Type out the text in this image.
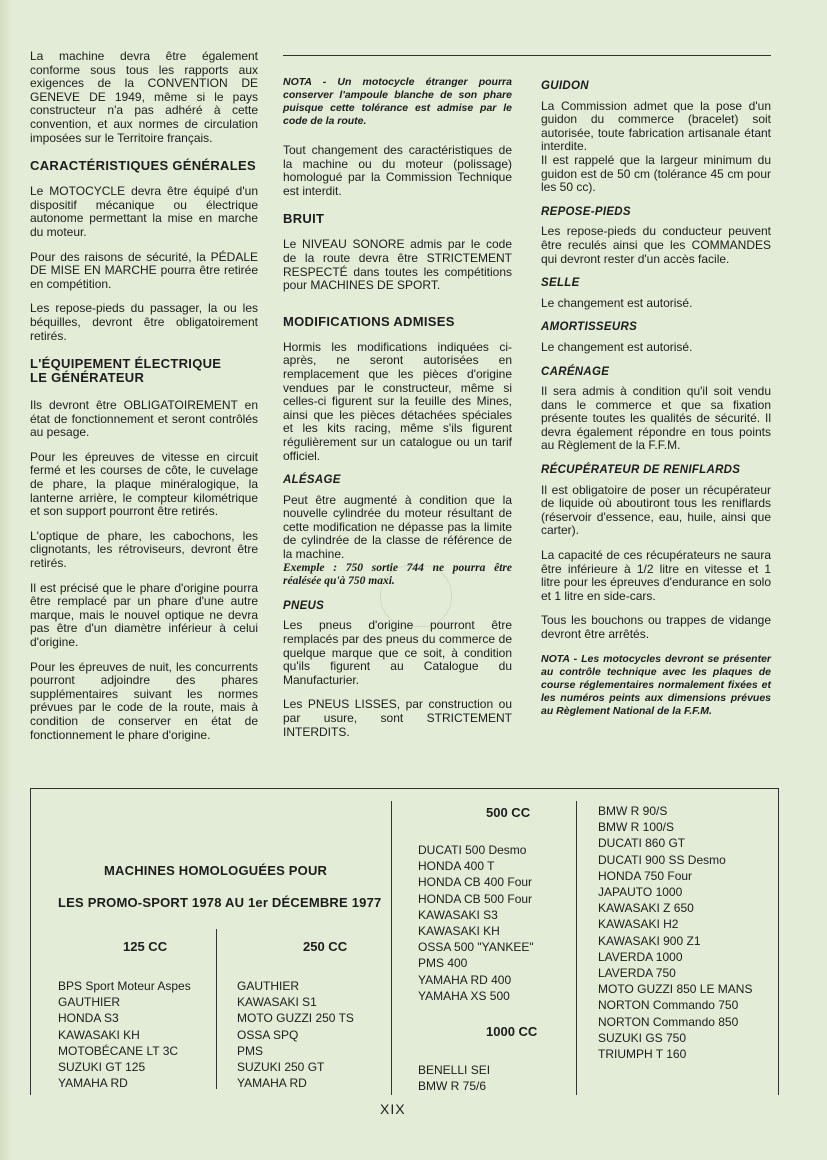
La machine devra être également conforme sous tous les rapports aux exigences de la CONVENTION DE GENEVE DE 1949, même si le pays constructeur n'a pas adhéré à cette convention, et aux normes de circulation imposées sur le Territoire français.

CARACTÉRISTIQUES GÉNÉRALES

Le MOTOCYCLE devra être équipé d'un dispositif mécanique ou électrique autonome permettant la mise en marche du moteur.

Pour des raisons de sécurité, la PÉDALE DE MISE EN MARCHE pourra être retirée en compétition.

Les repose-pieds du passager, la ou les béquilles, devront être obligatoirement retirés.

L'ÉQUIPEMENT ÉLECTRIQUE
LE GÉNÉRATEUR

Ils devront être OBLIGATOIREMENT en état de fonctionnement et seront contrôlés au pesage.

Pour les épreuves de vitesse en circuit fermé et les courses de côte, le cuvelage de phare, la plaque minéralogique, la lanterne arrière, le compteur kilométrique et son support pourront être retirés.

L'optique de phare, les cabochons, les clignotants, les rétroviseurs, devront être retirés.

Il est précisé que le phare d'origine pourra être remplacé par un phare d'une autre marque, mais le nouvel optique ne devra pas être d'un diamètre inférieur à celui d'origine.

Pour les épreuves de nuit, les concurrents pourront adjoindre des phares supplémentaires suivant les normes prévues par le code de la route, mais à condition de conserver en état de fonctionnement le phare d'origine.

NOTA - Un motocycle étranger pourra conserver l'ampoule blanche de son phare puisque cette tolérance est admise par le code de la route.

Tout changement des caractéristiques de la machine ou du moteur (polissage) homologué par la Commission Technique est interdit.

BRUIT

Le NIVEAU SONORE admis par le code de la route devra être STRICTEMENT RESPECTÉ dans toutes les compétitions pour MACHINES DE SPORT.

MODIFICATIONS ADMISES

Hormis les modifications indiquées ci-après, ne seront autorisées en remplacement que les pièces d'origine vendues par le constructeur, même si celles-ci figurent sur la feuille des Mines, ainsi que les pièces détachées spéciales et les kits racing, même s'ils figurent régulièrement sur un catalogue ou un tarif officiel.

ALÉSAGE

Peut être augmenté à condition que la nouvelle cylindrée du moteur résultant de cette modification ne dépasse pas la limite de cylindrée de la classe de référence de la machine.

Exemple : 750 sortie 744 ne pourra être réalésée qu'à 750 maxi.

PNEUS

Les pneus d'origine pourront être remplacés par des pneus du commerce de quelque marque que ce soit, à condition qu'ils figurent au Catalogue du Manufacturier.

Les PNEUS LISSES, par construction ou par usure, sont STRICTEMENT INTERDITS.

GUIDON

La Commission admet que la pose d'un guidon du commerce (bracelet) soit autorisée, toute fabrication artisanale étant interdite.

Il est rappelé que la largeur minimum du guidon est de 50 cm (tolérance 45 cm pour les 50 cc).

REPOSE-PIEDS

Les repose-pieds du conducteur peuvent être reculés ainsi que les COMMANDES qui devront rester d'un accès facile.

SELLE

Le changement est autorisé.

AMORTISSEURS

Le changement est autorisé.

CARÉNAGE

Il sera admis à condition qu'il soit vendu dans le commerce et que sa fixation présente toutes les qualités de sécurité. Il devra également répondre en tous points au Règlement de la F.F.M.

RÉCUPÉRATEUR DE RENIFLARDS

Il est obligatoire de poser un récupérateur de liquide où aboutiront tous les reniflards (réservoir d'essence, eau, huile, ainsi que carter).

La capacité de ces récupérateurs ne saura être inférieure à 1/2 litre en vitesse et 1 litre pour les épreuves d'endurance en solo et 1 litre en side-cars.

Tous les bouchons ou trappes de vidange devront être arrêtés.

NOTA - Les motocycles devront se présenter au contrôle technique avec les plaques de course réglementaires normalement fixées et les numéros peints aux dimensions prévues au Règlement National de la F.F.M.

MACHINES HOMOLOGUÉES POUR
LES PROMO-SPORT 1978 AU 1er DÉCEMBRE 1977
125 CC
BPS Sport Moteur Aspes
GAUTHIER
HONDA S3
KAWASAKI KH
MOTOBÉCANE LT 3C
SUZUKI GT 125
YAMAHA RD
250 CC
GAUTHIER
KAWASAKI S1
MOTO GUZZI 250 TS
OSSA SPQ
PMS
SUZUKI 250 GT
YAMAHA RD
500 CC
DUCATI 500 Desmo
HONDA 400 T
HONDA CB 400 Four
HONDA CB 500 Four
KAWASAKI S3
KAWASAKI KH
OSSA 500 "YANKEE"
PMS 400
YAMAHA RD 400
YAMAHA XS 500
1000 CC
BENELLI SEI
BMW R 75/6
BMW R 90/S
BMW R 100/S
DUCATI 860 GT
DUCATI 900 SS Desmo
HONDA 750 Four
JAPAUTO 1000
KAWASAKI Z 650
KAWASAKI H2
KAWASAKI 900 Z1
LAVERDA 1000
LAVERDA 750
MOTO GUZZI 850 LE MANS
NORTON Commando 750
NORTON Commando 850
SUZUKI GS 750
TRIUMPH T 160
XIX
